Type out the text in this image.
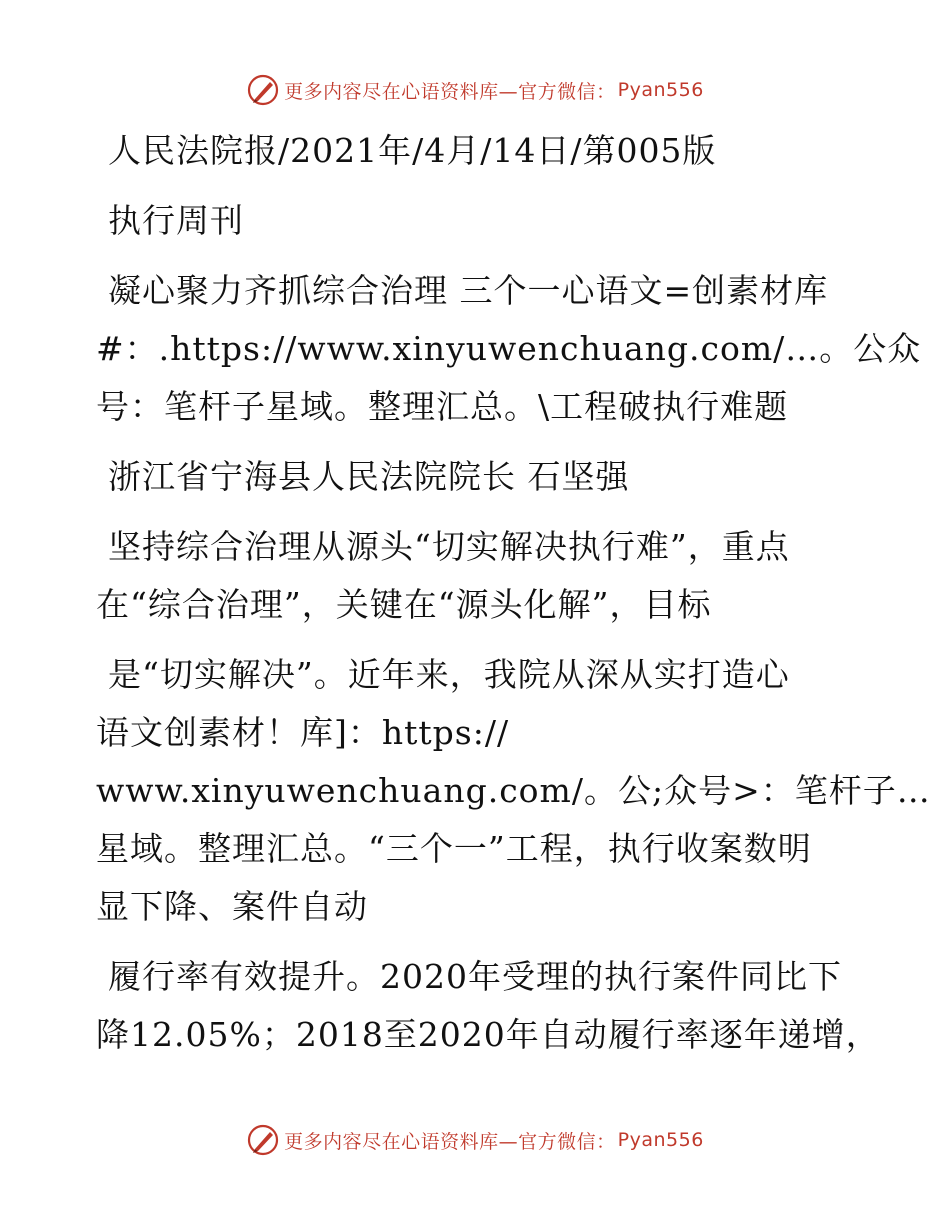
更多内容尽在心语资料库—官方微信： Pyan556

人民法院报/2021年/4月/14日/第005版

执行周刊

凝心聚力齐抓综合治理 三个一心语文=创素材库

#：.https://www.xinyuwenchuang.com/…。公众

号：笔杆子星域。整理汇总。\工程破执行难题

浙江省宁海县人民法院院长 石坚强

坚持综合治理从源头“切实解决执行难”，重点

在“综合治理”，关键在“源头化解”，目标

是“切实解决”。近年来，我院从深从实打造心

语文创素材！库]：https://

www.xinyuwenchuang.com/。公;众号>：笔杆子…

星域。整理汇总。“三个一”工程，执行收案数明

显下降、案件自动

履行率有效提升。2020年受理的执行案件同比下

降12.05%；2018至2020年自动履行率逐年递增，

更多内容尽在心语资料库—官方微信： Pyan556
